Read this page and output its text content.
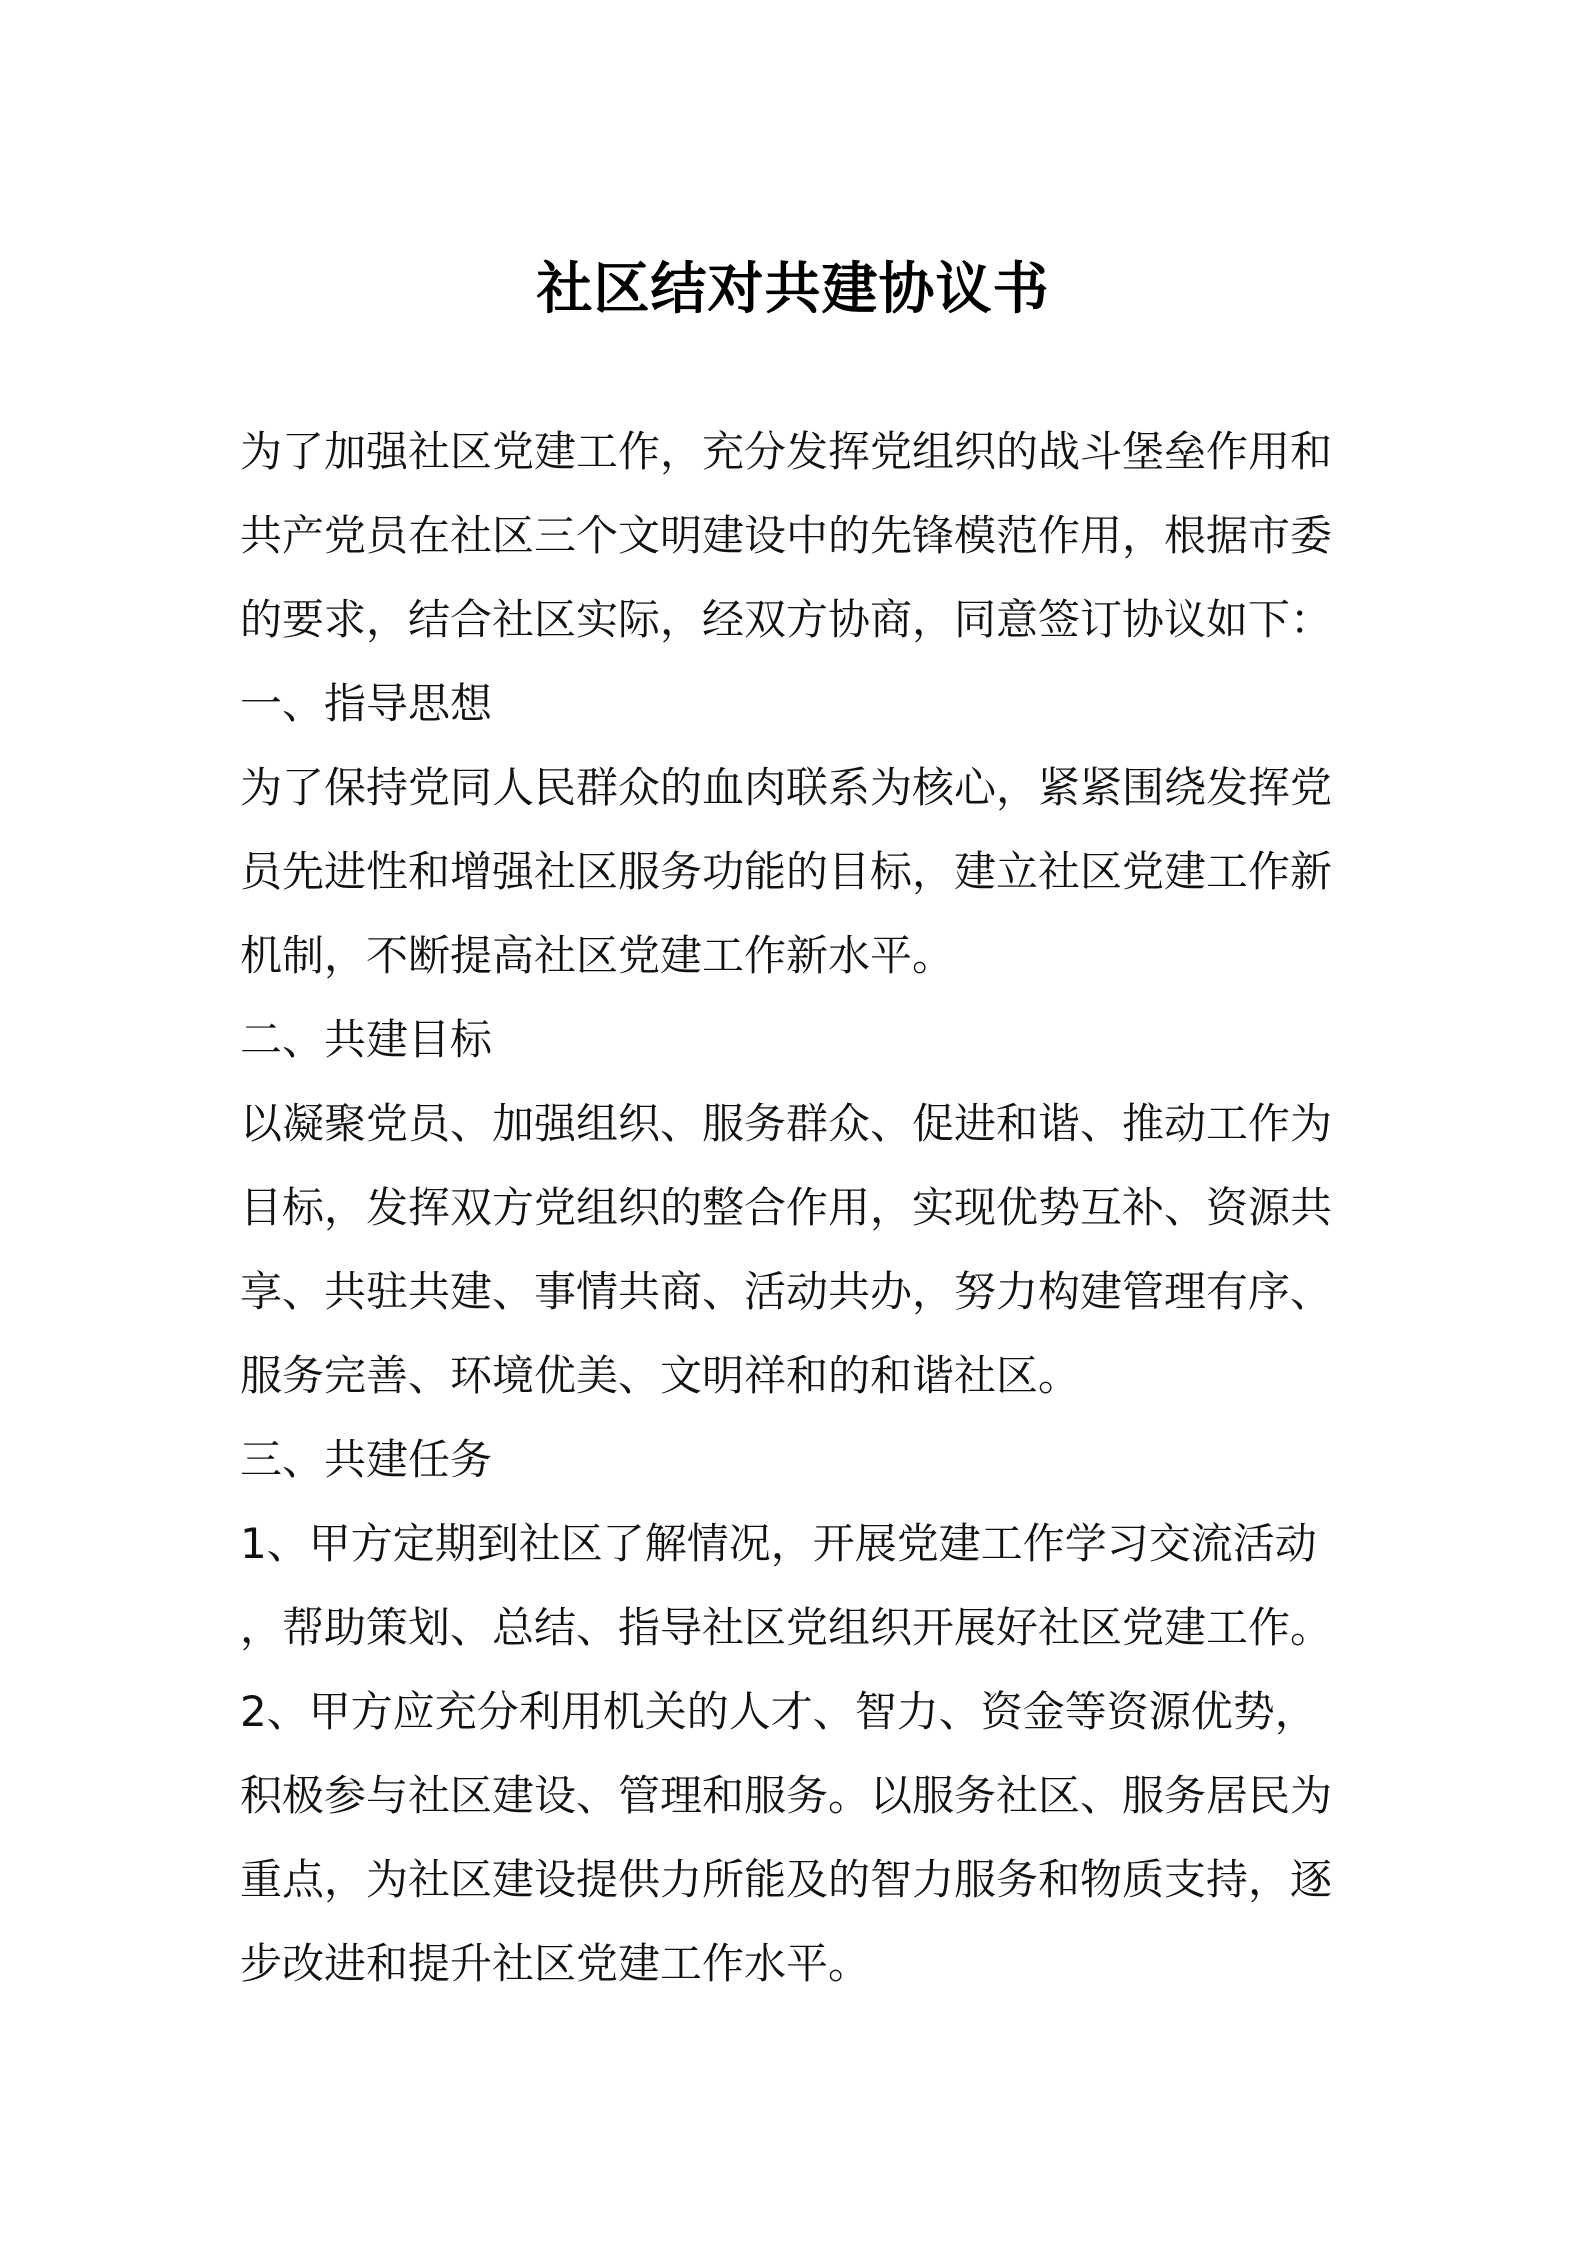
社区结对共建协议书
为了加强社区党建工作，充分发挥党组织的战斗堡垒作用和
共产党员在社区三个文明建设中的先锋模范作用，根据市委
的要求，结合社区实际，经双方协商，同意签订协议如下：
一、指导思想
为了保持党同人民群众的血肉联系为核心，紧紧围绕发挥党
员先进性和增强社区服务功能的目标，建立社区党建工作新
机制，不断提高社区党建工作新水平。
二、共建目标
以凝聚党员、加强组织、服务群众、促进和谐、推动工作为
目标，发挥双方党组织的整合作用，实现优势互补、资源共
享、共驻共建、事情共商、活动共办，努力构建管理有序、
服务完善、环境优美、文明祥和的和谐社区。
三、共建任务
1、甲方定期到社区了解情况，开展党建工作学习交流活动
，帮助策划、总结、指导社区党组织开展好社区党建工作。
2、甲方应充分利用机关的人才、智力、资金等资源优势，
积极参与社区建设、管理和服务。以服务社区、服务居民为
重点，为社区建设提供力所能及的智力服务和物质支持，逐
步改进和提升社区党建工作水平。
